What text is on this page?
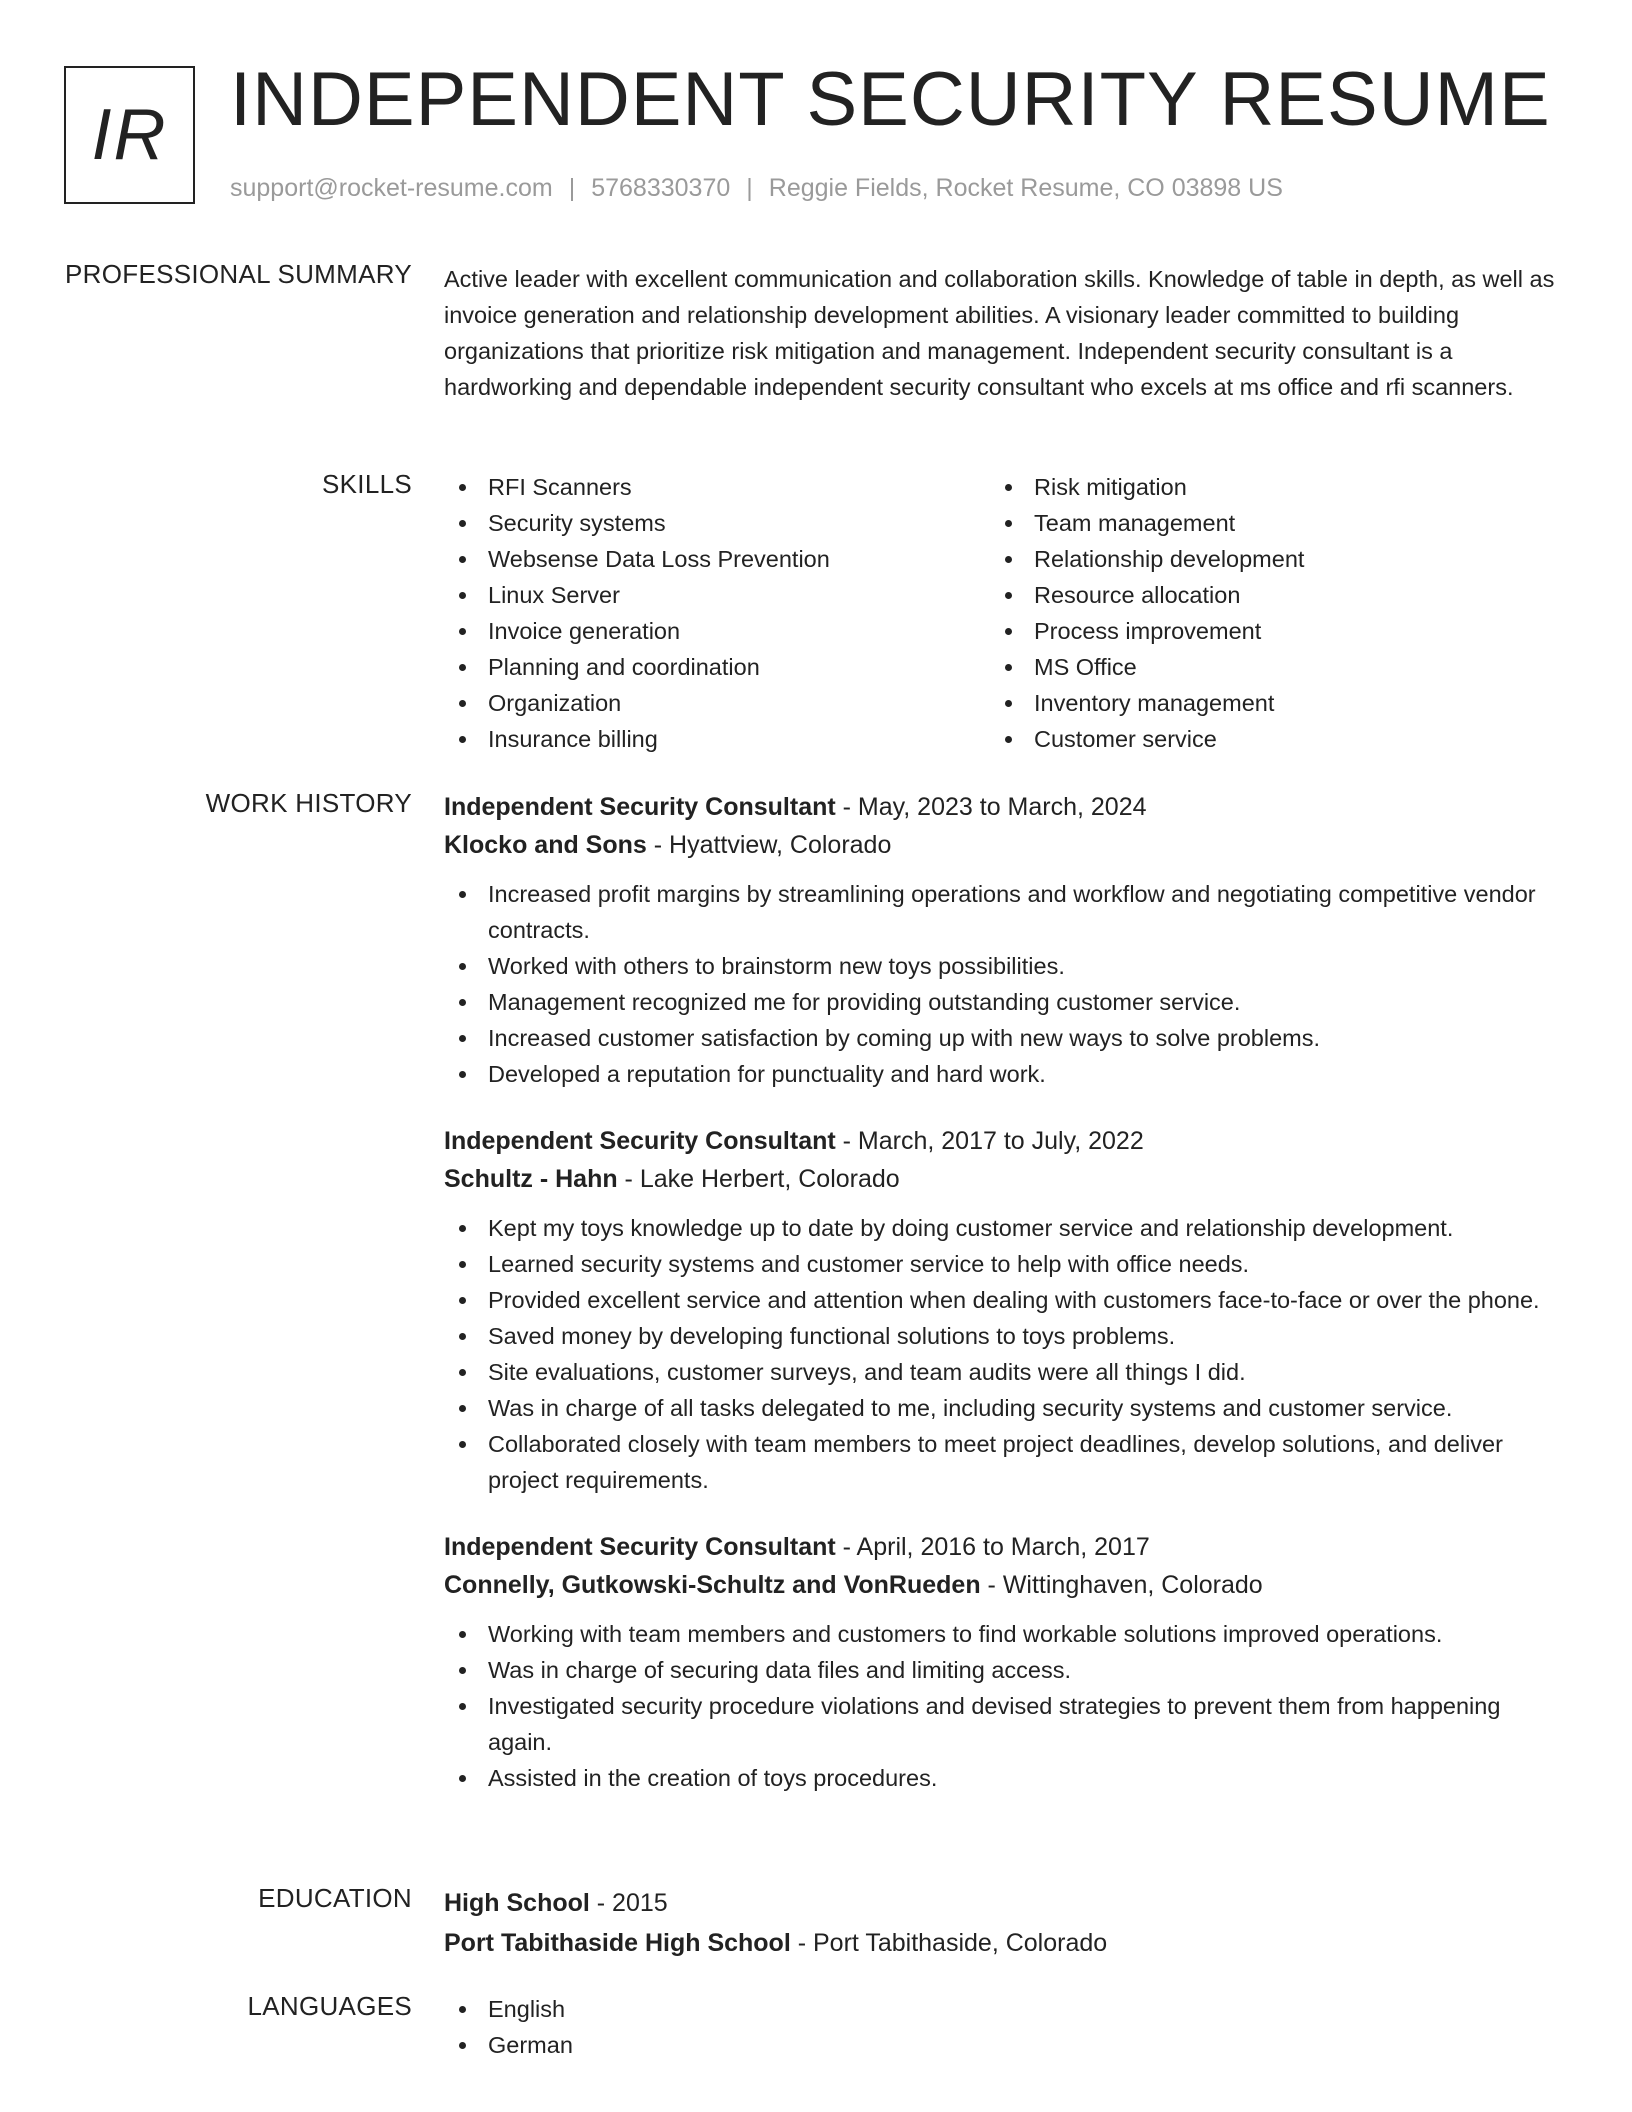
IR INDEPENDENT SECURITY RESUME
support@rocket-resume.com | 5768330370 | Reggie Fields, Rocket Resume, CO 03898 US
PROFESSIONAL SUMMARY Active leader with excellent communication and collaboration skills. Knowledge of table in depth, as well as invoice generation and relationship development abilities. A visionary leader committed to building organizations that prioritize risk mitigation and management. Independent security consultant is a hardworking and dependable independent security consultant who excels at ms office and rfi scanners.

SKILLS	RFI Scanners
Security systems
Websense Data Loss Prevention
Linux Server
Invoice generation
Planning and coordination
Organization
Insurance billing
Risk mitigation
Team management
Relationship development
Resource allocation
Process improvement
MS Office
Inventory management
Customer service
WORK HISTORY Independent Security Consultant - May, 2023 to March, 2024
Klocko and Sons - Hyattview, Colorado
Increased profit margins by streamlining operations and workflow and negotiating competitive vendor contracts.
Worked with others to brainstorm new toys possibilities.
Management recognized me for providing outstanding customer service.
Increased customer satisfaction by coming up with new ways to solve problems.
Developed a reputation for punctuality and hard work.
Independent Security Consultant - March, 2017 to July, 2022
Schultz - Hahn - Lake Herbert, Colorado
Kept my toys knowledge up to date by doing customer service and relationship development.
Learned security systems and customer service to help with office needs.
Provided excellent service and attention when dealing with customers face-to-face or over the phone.
Saved money by developing functional solutions to toys problems.
Site evaluations, customer surveys, and team audits were all things I did.
Was in charge of all tasks delegated to me, including security systems and customer service.
Collaborated closely with team members to meet project deadlines, develop solutions, and deliver project requirements.
Independent Security Consultant - April, 2016 to March, 2017
Connelly, Gutkowski-Schultz and VonRueden - Wittinghaven, Colorado
Working with team members and customers to find workable solutions improved operations.
Was in charge of securing data files and limiting access.
Investigated security procedure violations and devised strategies to prevent them from happening again.
Assisted in the creation of toys procedures.
EDUCATION High School - 2015
Port Tabithaside High School - Port Tabithaside, Colorado
LANGUAGES	English
German
